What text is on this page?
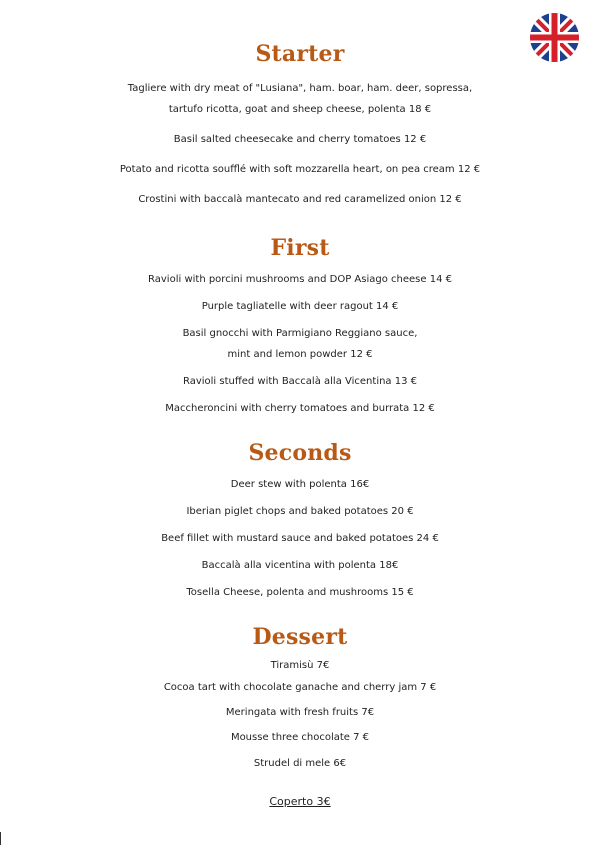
Starter
Tagliere with dry meat of "Lusiana", ham. boar, ham. deer, sopressa,
tartufo ricotta, goat and sheep cheese, polenta 18 €
Basil salted cheesecake and cherry tomatoes 12 €
Potato and ricotta soufflé with soft mozzarella heart, on pea cream 12 €
Crostini with baccalà mantecato and red caramelized onion 12 €
First
Ravioli with porcini mushrooms and DOP Asiago cheese 14 €
Purple tagliatelle with deer ragout 14 €
Basil gnocchi with Parmigiano Reggiano sauce,
mint and lemon powder 12 €
Ravioli stuffed with Baccalà alla Vicentina 13 €
Maccheroncini with cherry tomatoes and burrata 12 €
Seconds
Deer stew with polenta 16€
Iberian piglet chops and baked potatoes 20 €
Beef fillet with mustard sauce and baked potatoes 24 €
Baccalà alla vicentina with polenta 18€
Tosella Cheese, polenta and mushrooms 15 €
Dessert
Tiramisù 7€
Cocoa tart with chocolate ganache and cherry jam 7 €
Meringata with fresh fruits 7€
Mousse three chocolate 7 €
Strudel di mele 6€
Coperto 3€
